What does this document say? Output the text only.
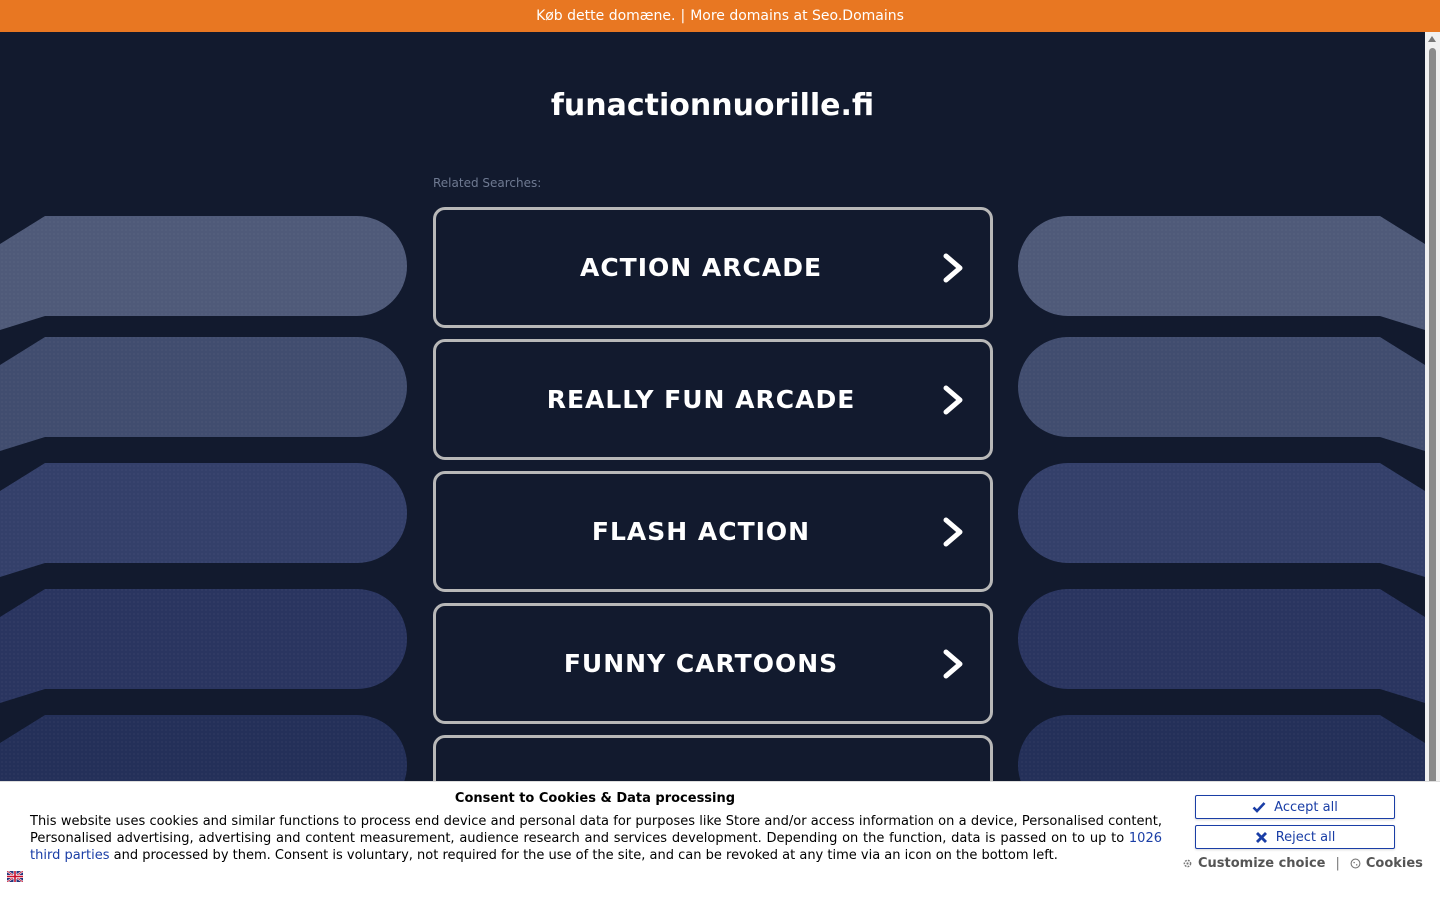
Køb dette domæne. | More domains at Seo.Domains
funactionnuorille.fi
Related Searches:
ACTION ARCADE
REALLY FUN ARCADE
FLASH ACTION
FUNNY CARTOONS
Consent to Cookies & Data processing
This website uses cookies and similar functions to process end device and personal data for purposes like Store and/or access information on a device, Personalised content, Personalised advertising, advertising and content measurement, audience research and services development. Depending on the function, data is passed on to up to 1026 third parties and processed by them. Consent is voluntary, not required for the use of the site, and can be revoked at any time via an icon on the bottom left.
Accept all
Reject all
Customize choice | Cookies
